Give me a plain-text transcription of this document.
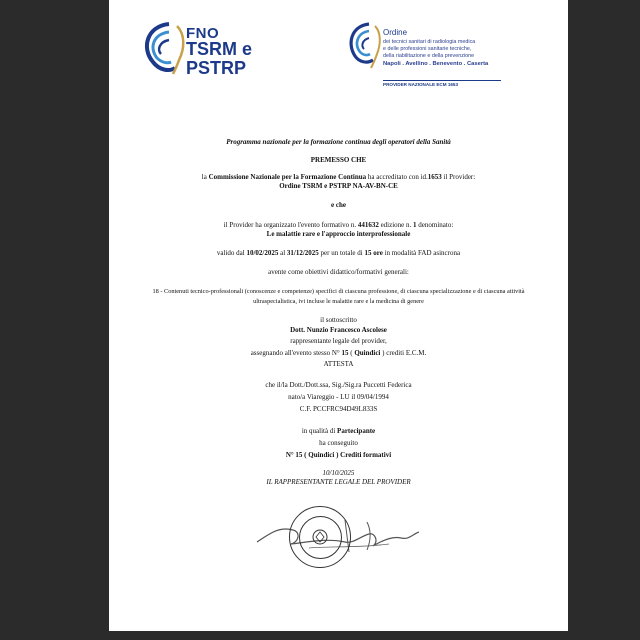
FNO
TSRM e
PSTRP
Ordine
dei tecnici sanitari di radiologia medica
e delle professioni sanitarie tecniche,
della riabilitazione e della prevenzione
Napoli . Avellino . Benevento . Caserta
PROVIDER NAZIONALE ECM 1653
Programma nazionale per la formazione continua degli operatori della Sanità
PREMESSO CHE
la Commissione Nazionale per la Formazione Continua ha accreditato con id.1653 il Provider:
Ordine TSRM e PSTRP NA-AV-BN-CE
e che
il Provider ha organizzato l'evento formativo n. 441632 edizione n. 1 denominato:
Le malattie rare e l'approccio interprofessionale
valido dal 10/02/2025 al 31/12/2025 per un totale di 15 ore in modalità FAD asincrona
avente come obiettivi didattico/formativi generali:
18 - Contenuti tecnico-professionali (conoscenze e competenze) specifici di ciascuna professione, di ciascuna specializzazione e di ciascuna attività
ultraspecialistica, ivi incluse le malattie rare e la medicina di genere
il sottoscritto
Dott. Nunzio Francesco Ascolese
rappresentante legale del provider,
assegnando all'evento stesso N° 15 ( Quindici ) crediti E.C.M.
ATTESTA
che il/la Dott./Dott.ssa, Sig./Sig.ra Puccetti Federica
nato/a Viareggio - LU il 09/04/1994
C.F. PCCFRC94D49L833S
in qualità di Partecipante
ha conseguito
N° 15 ( Quindici ) Crediti formativi
10/10/2025
IL RAPPRESENTANTE LEGALE DEL PROVIDER
